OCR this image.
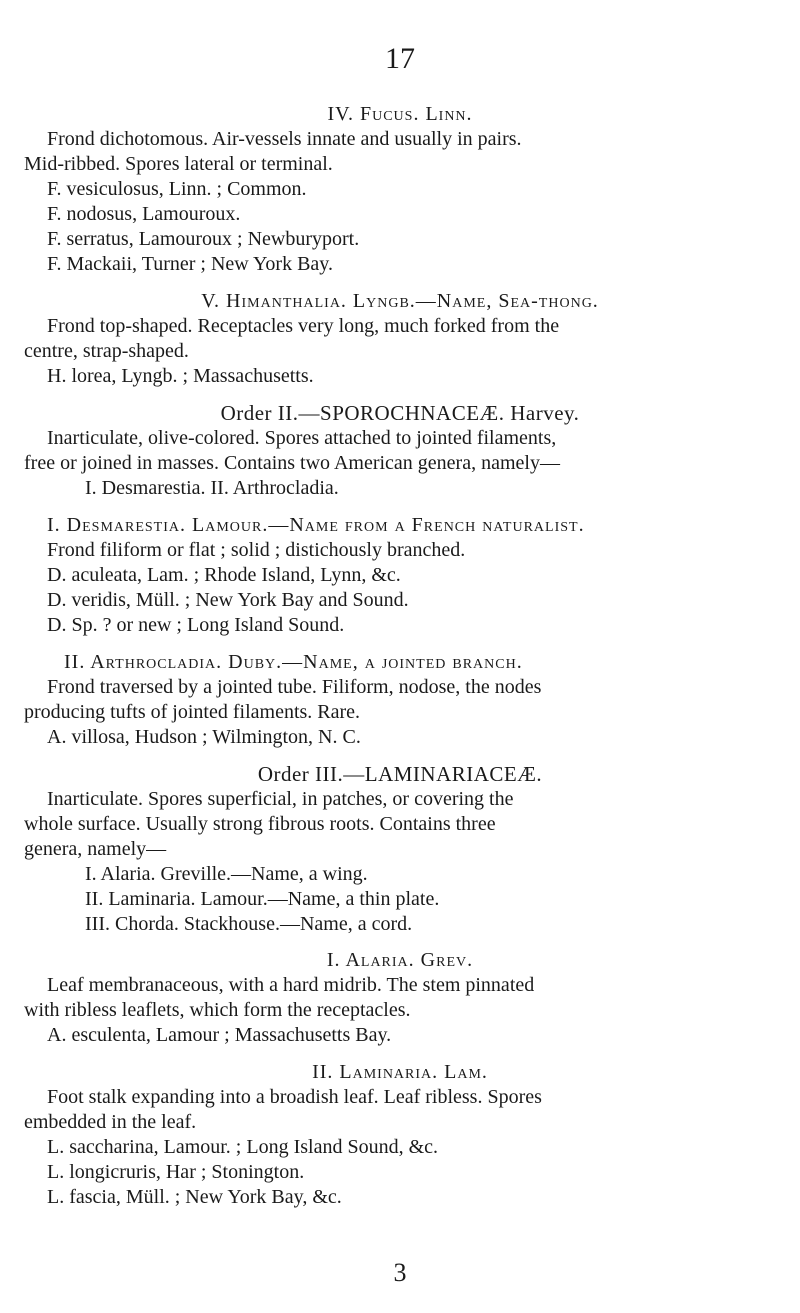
17
IV. Fucus. Linn.
Frond dichotomous. Air-vessels innate and usually in pairs.
Mid-ribbed. Spores lateral or terminal.
F. vesiculosus, Linn. ; Common.
F. nodosus, Lamouroux.
F. serratus, Lamouroux ; Newburyport.
F. Mackaii, Turner ; New York Bay.
V. Himanthalia. Lyngb.—Name, Sea-thong.
Frond top-shaped. Receptacles very long, much forked from the
centre, strap-shaped.
H. lorea, Lyngb. ; Massachusetts.
Order II.—SPOROCHNACEÆ. Harvey.
Inarticulate, olive-colored. Spores attached to jointed filaments,
free or joined in masses. Contains two American genera, namely—
I. Desmarestia. II. Arthrocladia.
I. Desmarestia. Lamour.—Name from a French naturalist.
Frond filiform or flat ; solid ; distichously branched.
D. aculeata, Lam. ; Rhode Island, Lynn, &c.
D. veridis, Müll. ; New York Bay and Sound.
D. Sp. ? or new ; Long Island Sound.
II. Arthrocladia. Duby.—Name, a jointed branch.
Frond traversed by a jointed tube. Filiform, nodose, the nodes
producing tufts of jointed filaments. Rare.
A. villosa, Hudson ; Wilmington, N. C.
Order III.—LAMINARIACEÆ.
Inarticulate. Spores superficial, in patches, or covering the
whole surface. Usually strong fibrous roots. Contains three
genera, namely—
I. Alaria. Greville.—Name, a wing.
II. Laminaria. Lamour.—Name, a thin plate.
III. Chorda. Stackhouse.—Name, a cord.
I. Alaria. Grev.
Leaf membranaceous, with a hard midrib. The stem pinnated
with ribless leaflets, which form the receptacles.
A. esculenta, Lamour ; Massachusetts Bay.
II. Laminaria. Lam.
Foot stalk expanding into a broadish leaf. Leaf ribless. Spores
embedded in the leaf.
L. saccharina, Lamour. ; Long Island Sound, &c.
L. longicruris, Har ; Stonington.
L. fascia, Müll. ; New York Bay, &c.
3
